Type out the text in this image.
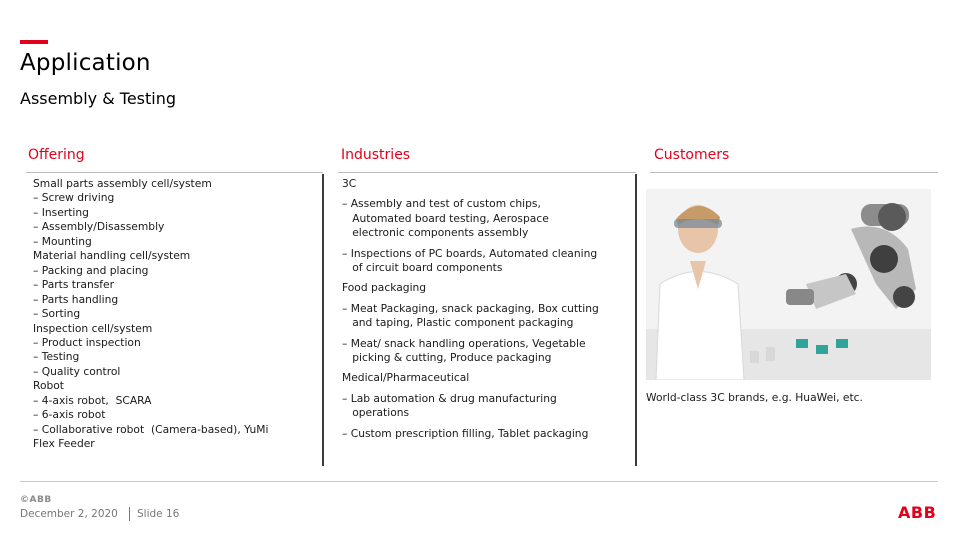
Application
Assembly & Testing
Offering	Industries	Customers
Small parts assembly cell/system
– Screw driving
– Inserting
– Assembly/Disassembly
– Mounting
Material handling cell/system
– Packing and placing
– Parts transfer
– Parts handling
– Sorting
Inspection cell/system
– Product inspection
– Testing
– Quality control
Robot
– 4-axis robot,  SCARA
– 6-axis robot
– Collaborative robot  (Camera-based), YuMi
Flex Feeder
3C
– Assembly and test of custom chips,
Automated board testing, Aerospace
electronic components assembly
– Inspections of PC boards, Automated cleaning
of circuit board components
Food packaging
– Meat Packaging, snack packaging, Box cutting
and taping, Plastic component packaging
– Meat/ snack handling operations, Vegetable
picking & cutting, Produce packaging
Medical/Pharmaceutical
– Lab automation & drug manufacturing
operations
– Custom prescription filling, Tablet packaging
World-class 3C brands, e.g. HuaWei, etc.
©ABB
December 2, 2020 Slide 16	ABB
